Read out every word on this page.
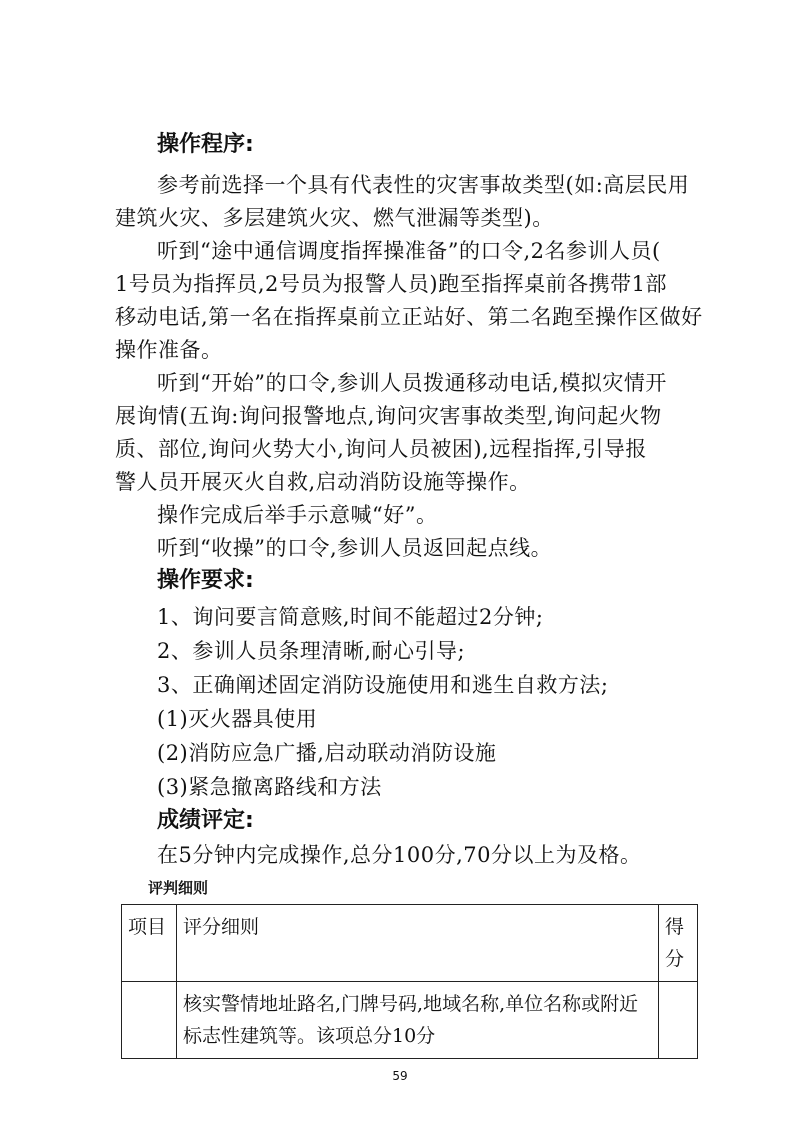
操作程序:
参考前选择一个具有代表性的灾害事故类型(如:高层民用
建筑火灾、多层建筑火灾、燃气泄漏等类型)。
听到“途中通信调度指挥操准备”的口令,2名参训人员(
1号员为指挥员,2号员为报警人员)跑至指挥桌前各携带1部
移动电话,第一名在指挥桌前立正站好、第二名跑至操作区做好
操作准备。
听到“开始”的口令,参训人员拨通移动电话,模拟灾情开
展询情(五询:询问报警地点,询问灾害事故类型,询问起火物
质、部位,询问火势大小,询问人员被困),远程指挥,引导报
警人员开展灭火自救,启动消防设施等操作。
操作完成后举手示意喊“好”。
听到“收操”的口令,参训人员返回起点线。
操作要求:
1、询问要言简意赅,时间不能超过2分钟;
2、参训人员条理清晰,耐心引导;
3、正确阐述固定消防设施使用和逃生自救方法;
(1)灭火器具使用
(2)消防应急广播,启动联动消防设施
(3)紧急撤离路线和方法
成绩评定:
在5分钟内完成操作,总分100分,70分以上为及格。
评判细则
项目	评分细则	得分
	核实警情地址路名,门牌号码,地域名称,单位名称或附近标志性建筑等。该项总分10分	
59
